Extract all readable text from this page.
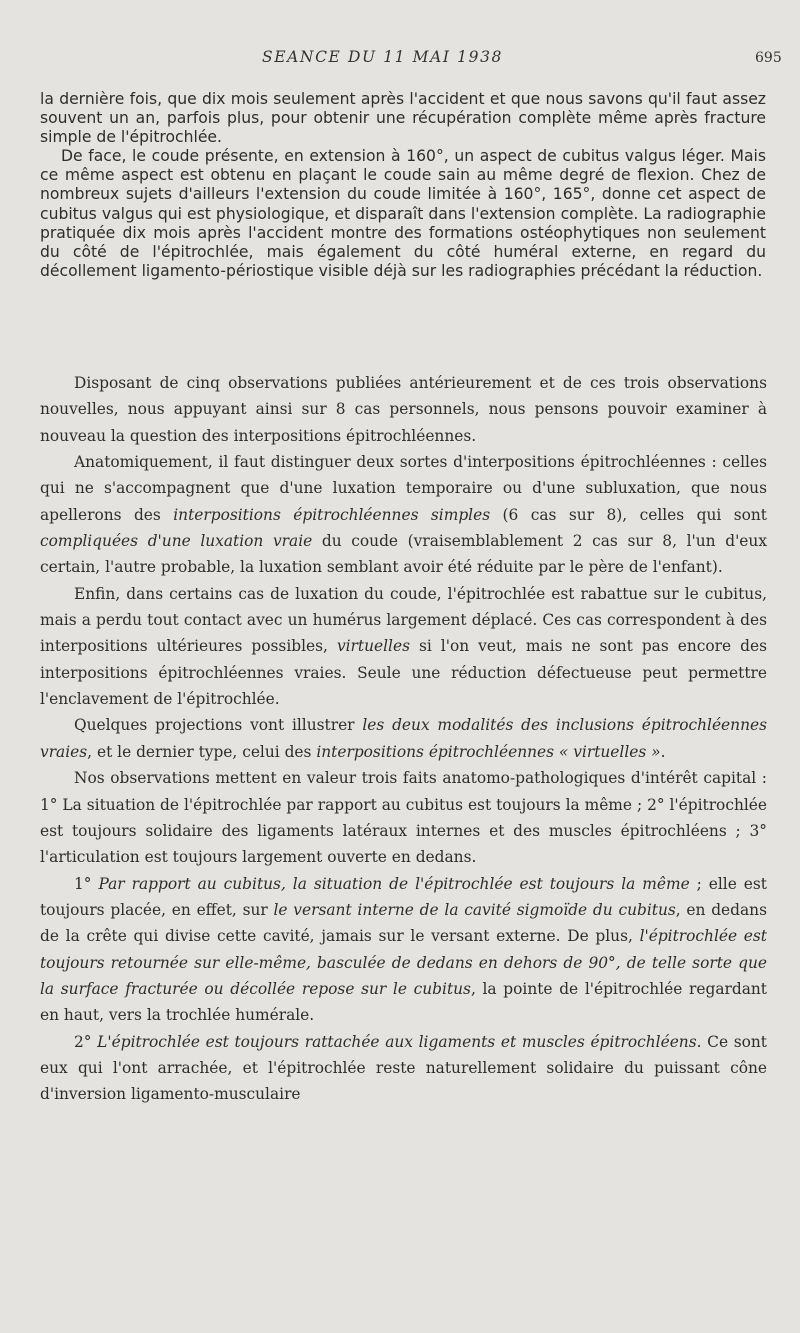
SEANCE DU 11 MAI 1938	695

la dernière fois, que dix mois seulement après l'accident et que nous savons qu'il faut assez souvent un an, parfois plus, pour obtenir une récupération complète même après fracture simple de l'épitrochlée.

De face, le coude présente, en extension à 160°, un aspect de cubitus valgus léger. Mais ce même aspect est obtenu en plaçant le coude sain au même degré de flexion. Chez de nombreux sujets d'ailleurs l'extension du coude limitée à 160°, 165°, donne cet aspect de cubitus valgus qui est physiologique, et disparaît dans l'extension complète. La radiographie pratiquée dix mois après l'accident montre des formations ostéophytiques non seulement du côté de l'épitrochlée, mais également du côté huméral externe, en regard du décollement ligamento-périostique visible déjà sur les radiographies précédant la réduction.

Disposant de cinq observations publiées antérieurement et de ces trois observations nouvelles, nous appuyant ainsi sur 8 cas personnels, nous pensons pouvoir examiner à nouveau la question des interpositions épitrochléennes.

Anatomiquement, il faut distinguer deux sortes d'interpositions épitrochléennes : celles qui ne s'accompagnent que d'une luxation temporaire ou d'une subluxation, que nous apellerons des interpositions épitrochléennes simples (6 cas sur 8), celles qui sont compliquées d'une luxation vraie du coude (vraisemblablement 2 cas sur 8, l'un d'eux certain, l'autre probable, la luxation semblant avoir été réduite par le père de l'enfant).

Enfin, dans certains cas de luxation du coude, l'épitrochlée est rabattue sur le cubitus, mais a perdu tout contact avec un humérus largement déplacé. Ces cas correspondent à des interpositions ultérieures possibles, virtuelles si l'on veut, mais ne sont pas encore des interpositions épitrochléennes vraies. Seule une réduction défectueuse peut permettre l'enclavement de l'épitrochlée.

Quelques projections vont illustrer les deux modalités des inclusions épitrochléennes vraies, et le dernier type, celui des interpositions épitrochléennes « virtuelles ».

Nos observations mettent en valeur trois faits anatomo-pathologiques d'intérêt capital : 1° La situation de l'épitrochlée par rapport au cubitus est toujours la même ; 2° l'épitrochlée est toujours solidaire des ligaments latéraux internes et des muscles épitrochléens ; 3° l'articulation est toujours largement ouverte en dedans.

1° Par rapport au cubitus, la situation de l'épitrochlée est toujours la même ; elle est toujours placée, en effet, sur le versant interne de la cavité sigmoïde du cubitus, en dedans de la crête qui divise cette cavité, jamais sur le versant externe. De plus, l'épitrochlée est toujours retournée sur elle-même, basculée de dedans en dehors de 90°, de telle sorte que la surface fracturée ou décollée repose sur le cubitus, la pointe de l'épitrochlée regardant en haut, vers la trochlée humérale.

2° L'épitrochlée est toujours rattachée aux ligaments et muscles épitrochléens. Ce sont eux qui l'ont arrachée, et l'épitrochlée reste naturellement solidaire du puissant cône d'inversion ligamento-musculaire
